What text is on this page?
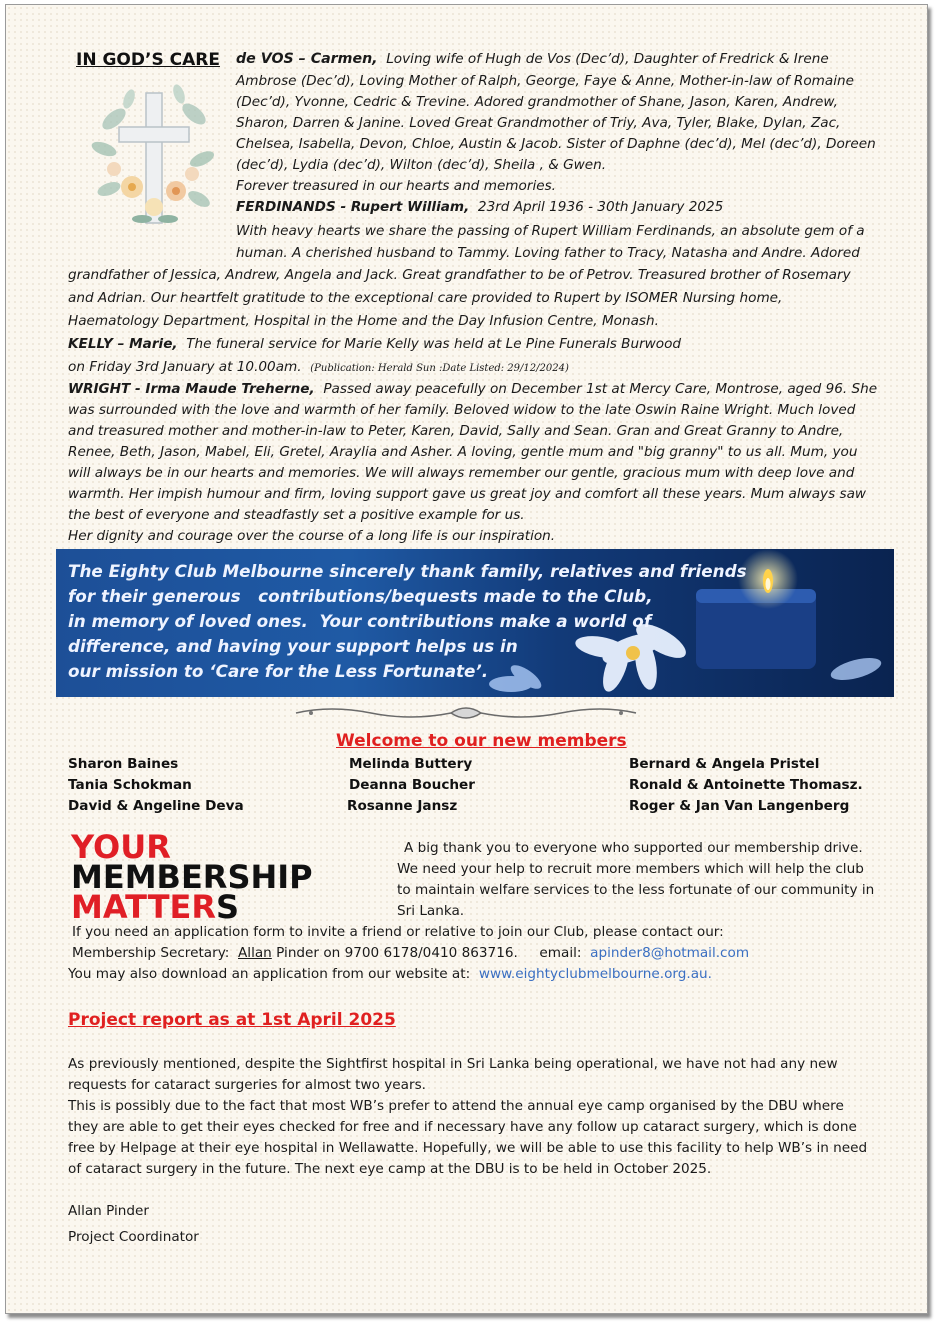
IN GOD’S CARE de VOS – Carmen, Loving wife of Hugh de Vos (Dec’d), Daughter of Fredrick & Irene
Ambrose (Dec’d), Loving Mother of Ralph, George, Faye & Anne, Mother-in-law of Romaine
(Dec’d), Yvonne, Cedric & Trevine. Adored grandmother of Shane, Jason, Karen, Andrew,
Sharon, Darren & Janine. Loved Great Grandmother of Triy, Ava, Tyler, Blake, Dylan, Zac,
Chelsea, Isabella, Devon, Chloe, Austin & Jacob. Sister of Daphne (dec’d), Mel (dec’d), Doreen
(dec’d), Lydia (dec’d), Wilton (dec’d), Sheila , & Gwen.
Forever treasured in our hearts and memories.
FERDINANDS - Rupert William, 23rd April 1936 - 30th January 2025
With heavy hearts we share the passing of Rupert William Ferdinands, an absolute gem of a
human. A cherished husband to Tammy. Loving father to Tracy, Natasha and Andre. Adored
grandfather of Jessica, Andrew, Angela and Jack. Great grandfather to be of Petrov. Treasured brother of Rosemary
and Adrian. Our heartfelt gratitude to the exceptional care provided to Rupert by ISOMER Nursing home,
Haematology Department, Hospital in the Home and the Day Infusion Centre, Monash.
KELLY – Marie, The funeral service for Marie Kelly was held at Le Pine Funerals Burwood
on Friday 3rd January at 10.00am. (Publication: Herald Sun :Date Listed: 29/12/2024)
WRIGHT - Irma Maude Treherne, Passed away peacefully on December 1st at Mercy Care, Montrose, aged 96. She
was surrounded with the love and warmth of her family. Beloved widow to the late Oswin Raine Wright. Much loved
and treasured mother and mother-in-law to Peter, Karen, David, Sally and Sean. Gran and Great Granny to Andre,
Renee, Beth, Jason, Mabel, Eli, Gretel, Araylia and Asher. A loving, gentle mum and "big granny" to us all. Mum, you
will always be in our hearts and memories. We will always remember our gentle, gracious mum with deep love and
warmth. Her impish humour and firm, loving support gave us great joy and comfort all these years. Mum always saw
the best of everyone and steadfastly set a positive example for us.
Her dignity and courage over the course of a long life is our inspiration.
The Eighty Club Melbourne sincerely thank family, relatives and friends
for their generous   contributions/bequests made to the Club,
in memory of loved ones.  Your contributions make a world of
difference, and having your support helps us in
our mission to ‘Care for the Less Fortunate’.
Welcome to our new members
Sharon Baines
Tania Schokman
David & Angeline Deva
Melinda Buttery
Deanna Boucher
Rosanne Jansz
Bernard & Angela Pristel
Ronald & Antoinette Thomasz.
Roger & Jan Van Langenberg
YOUR
MEMBERSHIP
MATTERS
A big thank you to everyone who supported our membership drive.
We need your help to recruit more members which will help the club
to maintain welfare services to the less fortunate of our community in
Sri Lanka.
If you need an application form to invite a friend or relative to join our Club, please contact our:
Membership Secretary: Allan Pinder on 9700 6178/0410 863716. email: apinder8@hotmail.com
You may also download an application from our website at: www.eightyclubmelbourne.org.au.
Project report as at 1st April 2025
As previously mentioned, despite the Sightfirst hospital in Sri Lanka being operational, we have not had any new
requests for cataract surgeries for almost two years.
This is possibly due to the fact that most WB’s prefer to attend the annual eye camp organised by the DBU where
they are able to get their eyes checked for free and if necessary have any follow up cataract surgery, which is done
free by Helpage at their eye hospital in Wellawatte. Hopefully, we will be able to use this facility to help WB’s in need
of cataract surgery in the future. The next eye camp at the DBU is to be held in October 2025.
Allan Pinder
Project Coordinator
